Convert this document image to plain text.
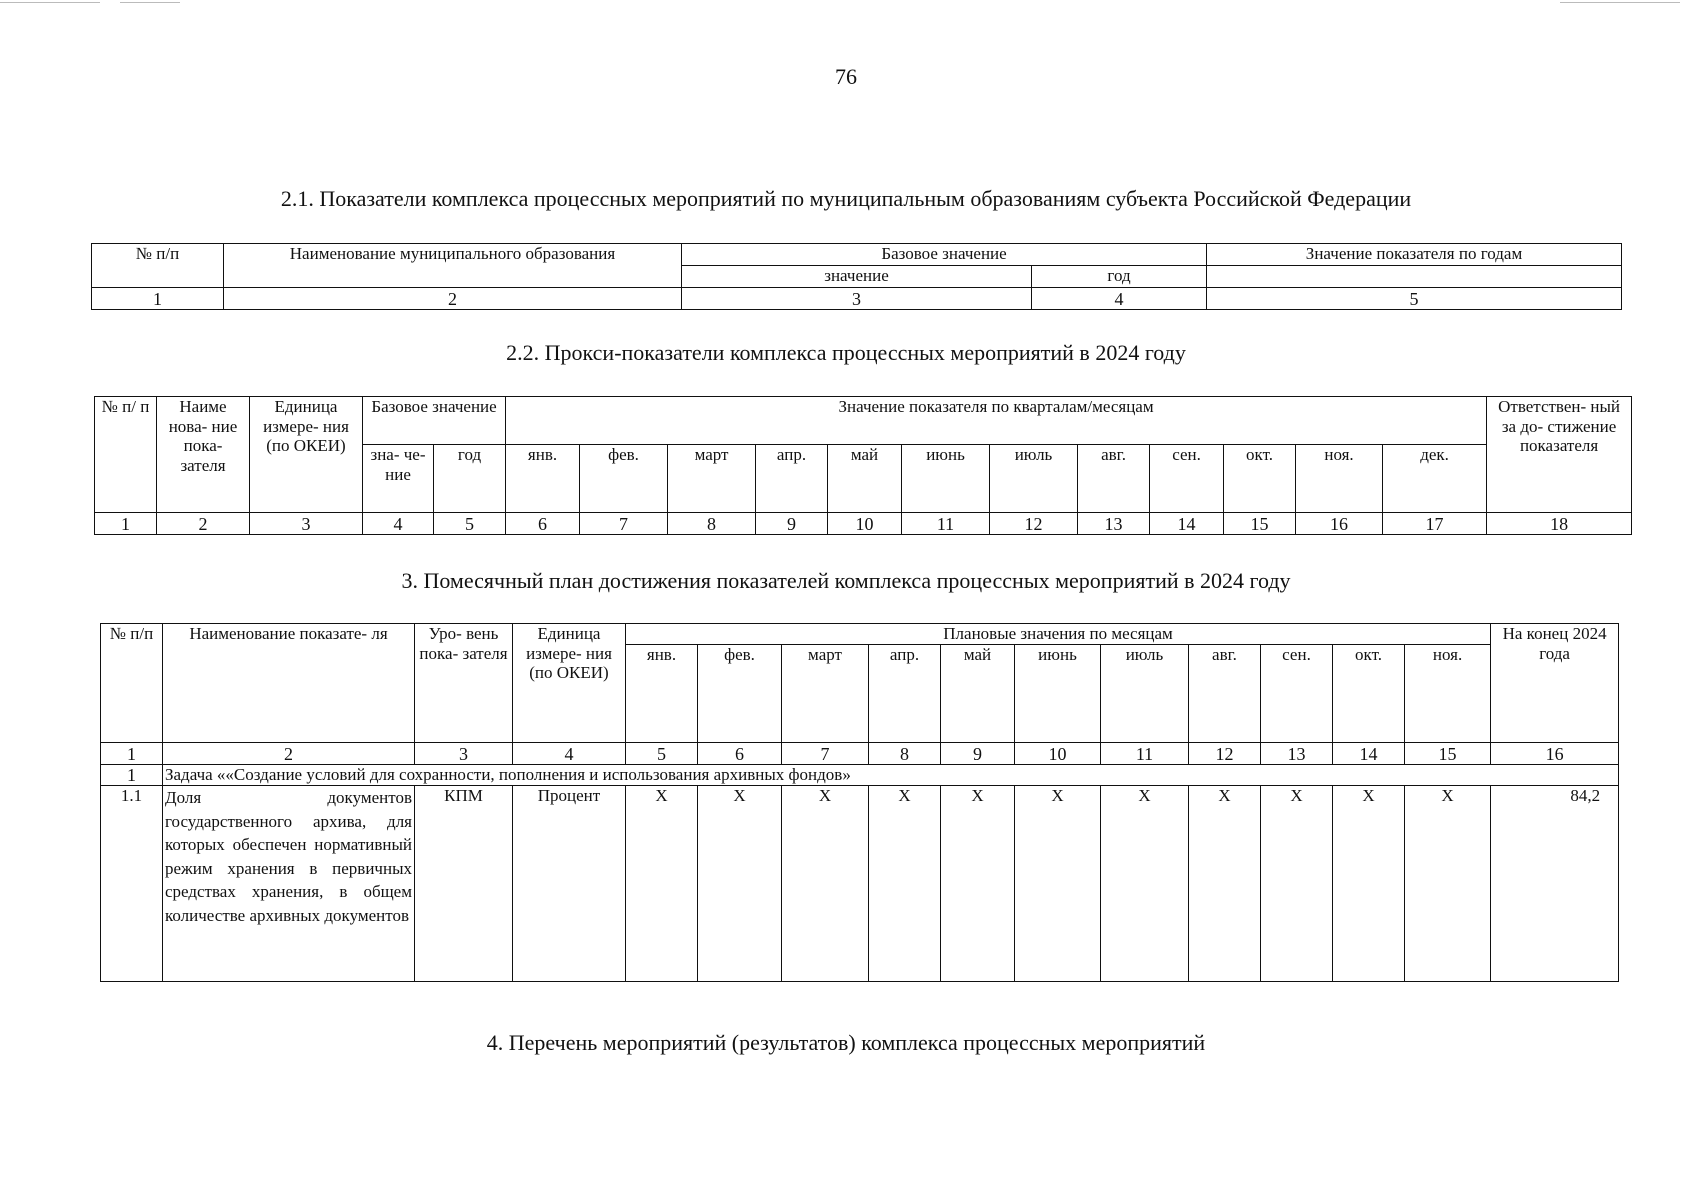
76
2.1. Показатели комплекса процессных мероприятий по муниципальным образованиям субъекта Российской Федерации
№ п/п	Наименование муниципального образования	Базовое значение		Значение показателя по годам
		значение	год	
1	2	3	4	5
2.2. Прокси-показатели комплекса процессных мероприятий в 2024 году
№ п/ п	Наиме нова- ние пока- зателя	Единица измере- ния (по ОКЕИ)	Базовое значение		Значение показателя по кварталам/месяцам												Ответствен- ный за до- стижение показателя
			зна- че- ние	год	янв.	фев.	март	апр.	май	июнь	июль	авг.	сен.	окт.	ноя.	дек.	
1	2	3	4	5	6	7	8	9	10	11	12	13	14	15	16	17	18
3. Помесячный план достижения показателей комплекса процессных мероприятий в 2024 году
№ п/п	Наименование показате- ля	Уро- вень пока- зателя	Единица измере- ния (по ОКЕИ)	Плановые значения по месяцам											На конец 2024 года
				янв.	фев.	март	апр.	май	июнь	июль	авг.	сен.	окт.	ноя.	
1	2	3	4	5	6	7	8	9	10	11	12	13	14	15	16
1	Задача ««Создание условий для сохранности, пополнения и использования архивных фондов»														
1.1	Доля документов государственного архива, для которых обеспечен нормативный режим хранения в первичных средствах хранения, в общем количестве архивных документов	КПМ	Процент	X	X	X	X	X	X	X	X	X	X	X	84,2
4. Перечень мероприятий (результатов) комплекса процессных мероприятий
